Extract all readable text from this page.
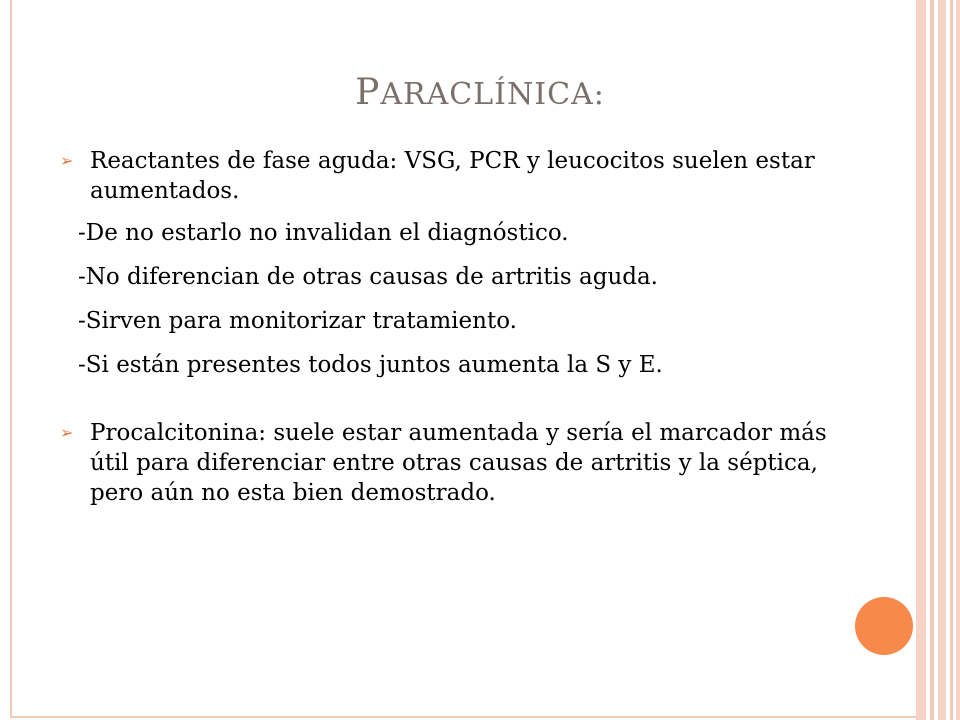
PARACLÍNICA:

➢ Reactantes de fase aguda: VSG, PCR y leucocitos suelen estar aumentados.

-De no estarlo no invalidan el diagnóstico.

-No diferencian de otras causas de artritis aguda.

-Sirven para monitorizar tratamiento.

-Si están presentes todos juntos aumenta la S y E.

➢ Procalcitonina: suele estar aumentada y sería el marcador más útil para diferenciar entre otras causas de artritis y la séptica, pero aún no esta bien demostrado.
